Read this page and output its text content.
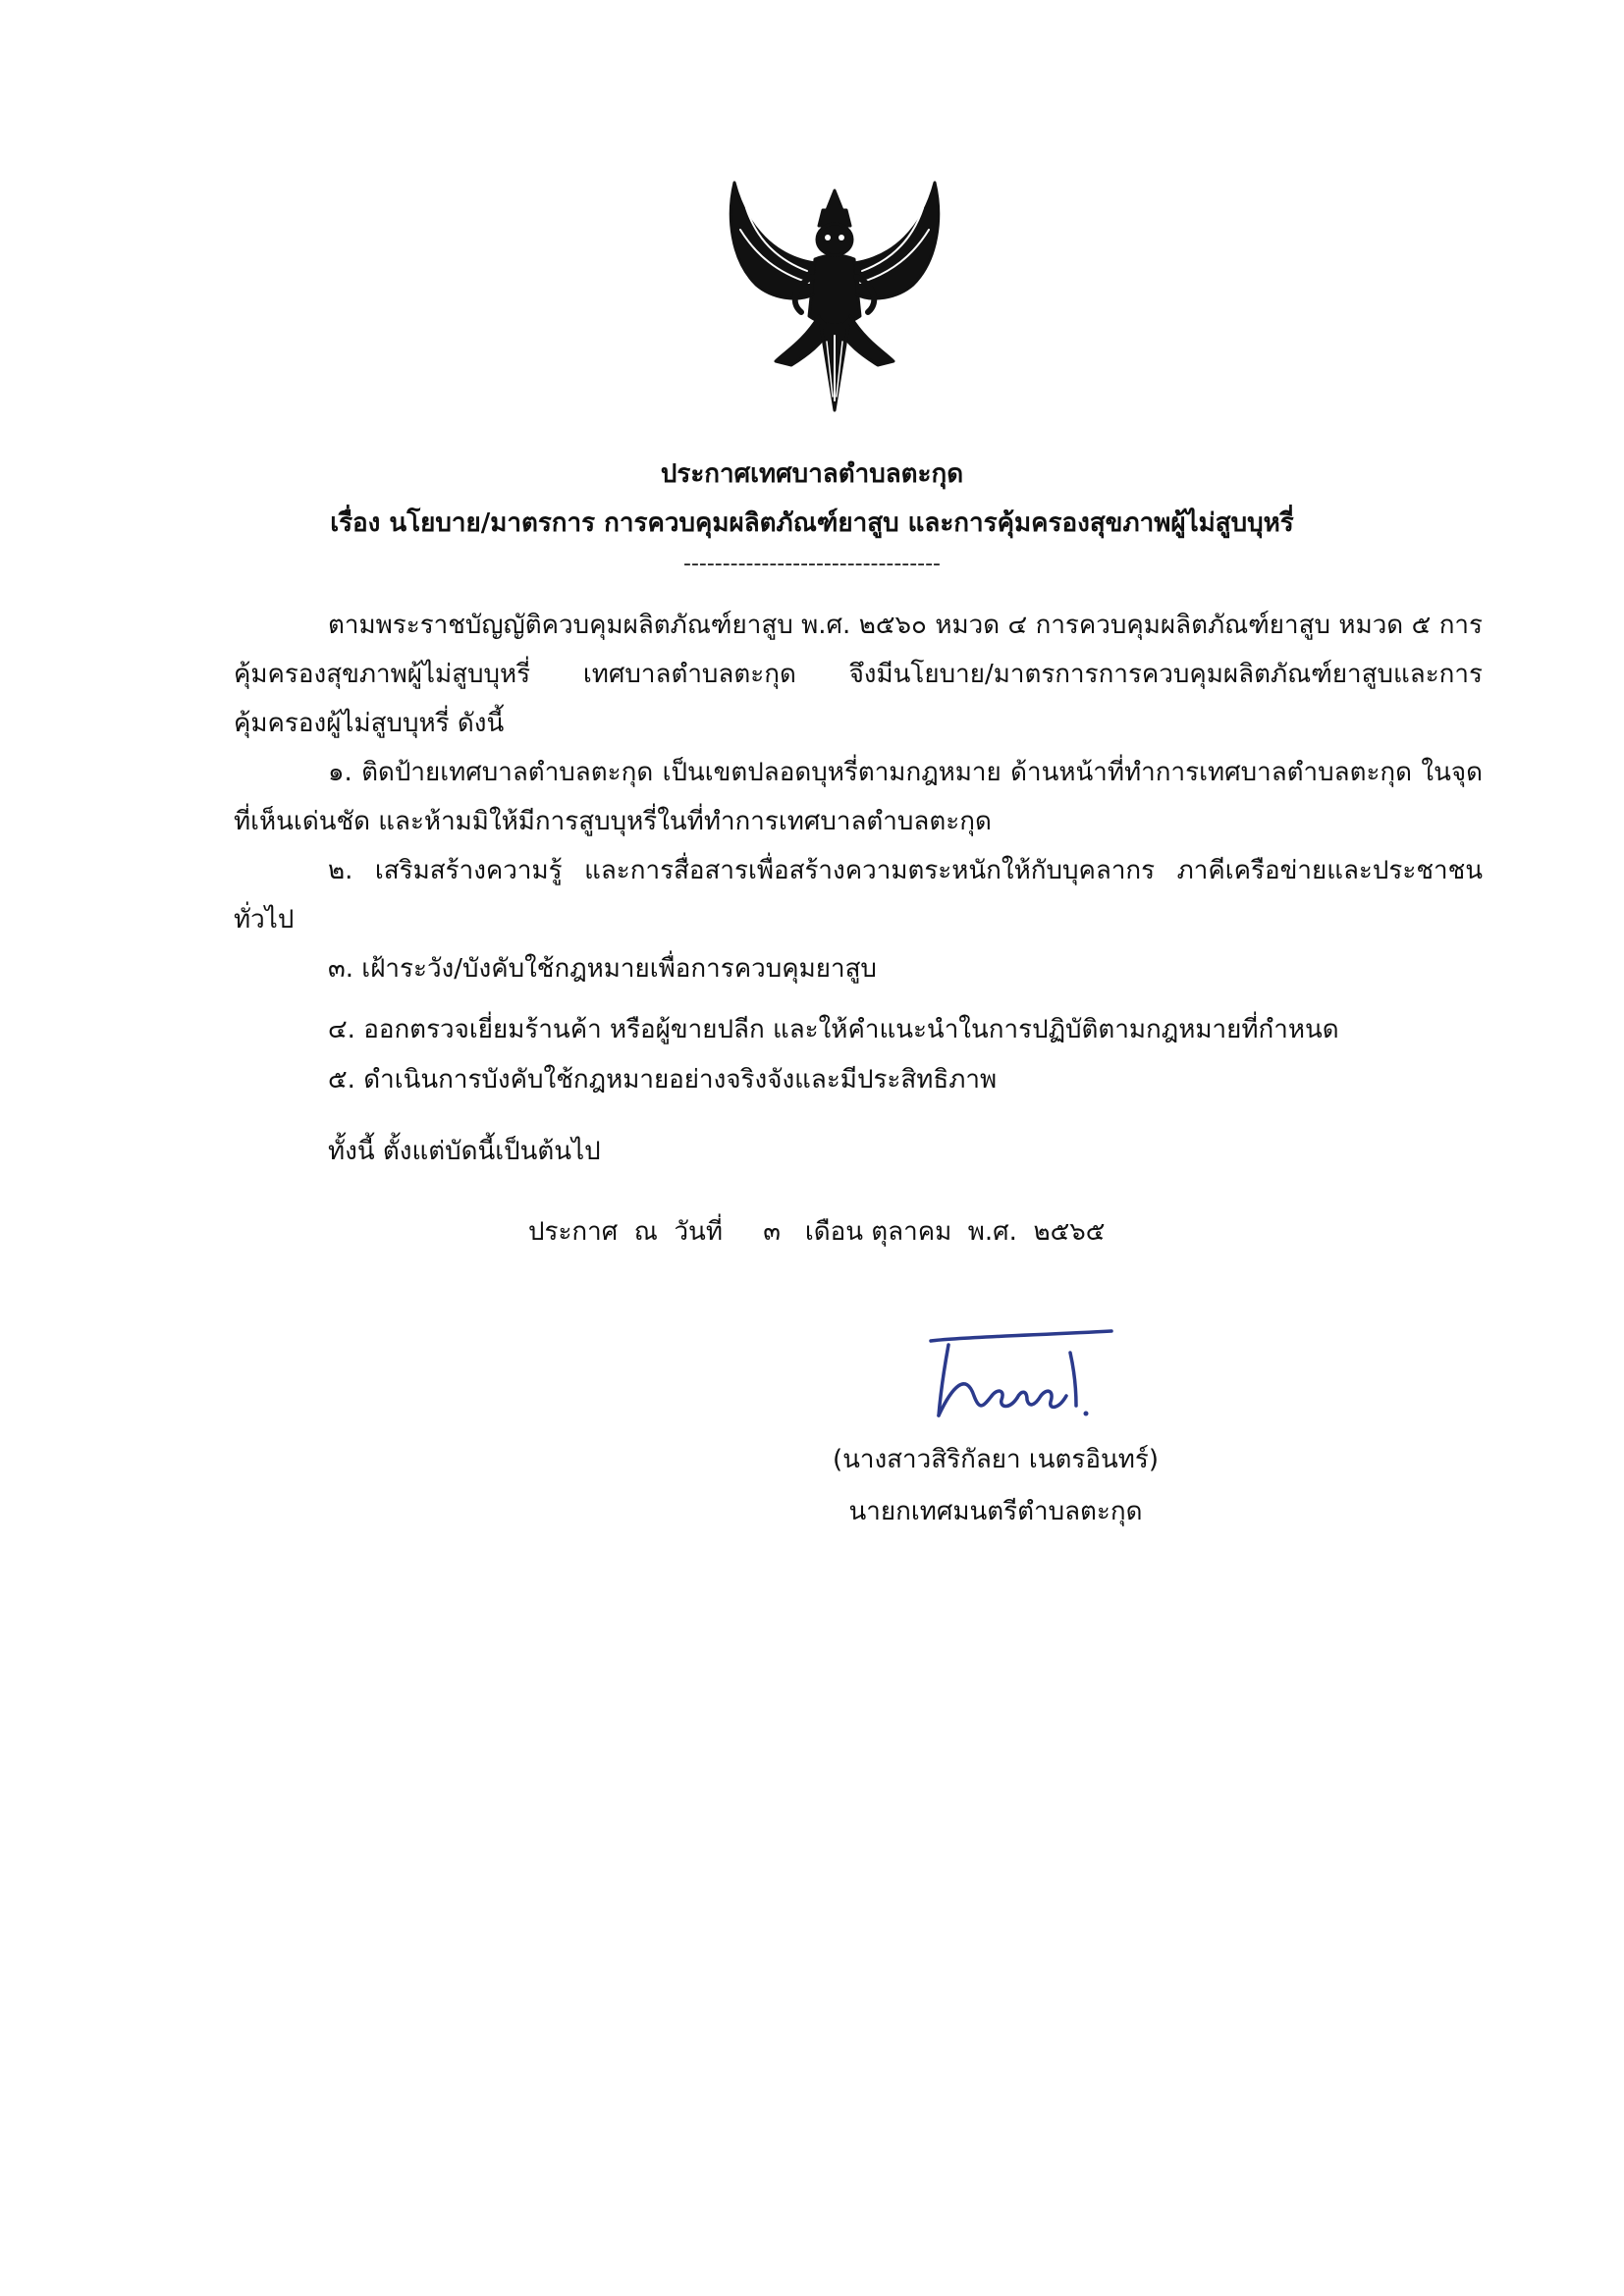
ประกาศเทศบาลตำบลตะกุด
เรื่อง นโยบาย/มาตรการ การควบคุมผลิตภัณฑ์ยาสูบ และการคุ้มครองสุขภาพผู้ไม่สูบบุหรี่
---------------------------------

ตามพระราชบัญญัติควบคุมผลิตภัณฑ์ยาสูบ พ.ศ. ๒๕๖๐ หมวด ๔ การควบคุมผลิตภัณฑ์ยาสูบ หมวด ๕ การคุ้มครองสุขภาพผู้ไม่สูบบุหรี่ เทศบาลตำบลตะกุด จึงมีนโยบาย/มาตรการการควบคุมผลิตภัณฑ์ยาสูบและการคุ้มครองผู้ไม่สูบบุหรี่ ดังนี้

๑. ติดป้ายเทศบาลตำบลตะกุด เป็นเขตปลอดบุหรี่ตามกฎหมาย ด้านหน้าที่ทำการเทศบาลตำบลตะกุด ในจุดที่เห็นเด่นชัด และห้ามมิให้มีการสูบบุหรี่ในที่ทำการเทศบาลตำบลตะกุด

๒. เสริมสร้างความรู้ และการสื่อสารเพื่อสร้างความตระหนักให้กับบุคลากร ภาคีเครือข่ายและประชาชนทั่วไป

๓. เฝ้าระวัง/บังคับใช้กฎหมายเพื่อการควบคุมยาสูบ

๔. ออกตรวจเยี่ยมร้านค้า หรือผู้ขายปลีก และให้คำแนะนำในการปฏิบัติตามกฎหมายที่กำหนด

๕. ดำเนินการบังคับใช้กฎหมายอย่างจริงจังและมีประสิทธิภาพ

ทั้งนี้ ตั้งแต่บัดนี้เป็นต้นไป
ประกาศ  ณ  วันที่     ๓   เดือน ตุลาคม  พ.ศ.  ๒๕๖๕
(นางสาวสิริกัลยา เนตรอินทร์)
นายกเทศมนตรีตำบลตะกุด
